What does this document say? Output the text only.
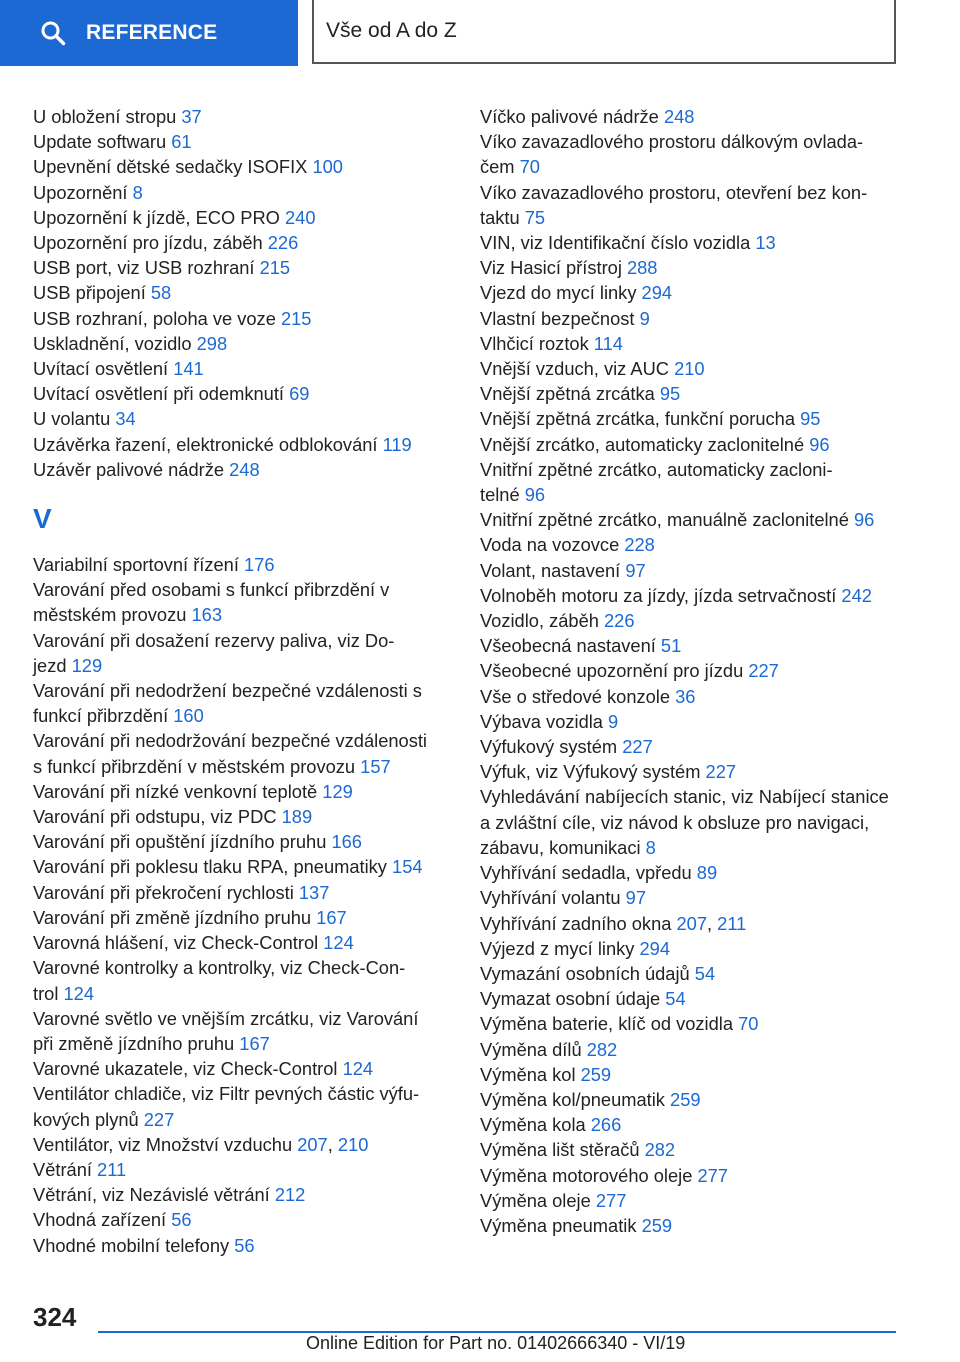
REFERENCE	Vše od A do Z
U obložení stropu 37
Update softwaru 61
Upevnění dětské sedačky ISOFIX 100
Upozornění 8
Upozornění k jízdě, ECO PRO 240
Upozornění pro jízdu, záběh 226
USB port, viz USB rozhraní 215
USB připojení 58
USB rozhraní, poloha ve voze 215
Uskladnění, vozidlo 298
Uvítací osvětlení 141
Uvítací osvětlení při odemknutí 69
U volantu 34
Uzávěrka řazení, elektronické odblokování 119
Uzávěr palivové nádrže 248
V
Variabilní sportovní řízení 176
Varování před osobami s funkcí přibrzdění v
městském provozu 163
Varování při dosažení rezervy paliva, viz Do-
jezd 129
Varování při nedodržení bezpečné vzdálenosti s
funkcí přibrzdění 160
Varování při nedodržování bezpečné vzdálenosti
s funkcí přibrzdění v městském provozu 157
Varování při nízké venkovní teplotě 129
Varování při odstupu, viz PDC 189
Varování při opuštění jízdního pruhu 166
Varování při poklesu tlaku RPA, pneumatiky 154
Varování při překročení rychlosti 137
Varování při změně jízdního pruhu 167
Varovná hlášení, viz Check-Control 124
Varovné kontrolky a kontrolky, viz Check-Con-
trol 124
Varovné světlo ve vnějším zrcátku, viz Varování
při změně jízdního pruhu 167
Varovné ukazatele, viz Check-Control 124
Ventilátor chladiče, viz Filtr pevných částic výfu-
kových plynů 227
Ventilátor, viz Množství vzduchu 207, 210
Větrání 211
Větrání, viz Nezávislé větrání 212
Vhodná zařízení 56
Vhodné mobilní telefony 56
Víčko palivové nádrže 248
Víko zavazadlového prostoru dálkovým ovlada-
čem 70
Víko zavazadlového prostoru, otevření bez kon-
taktu 75
VIN, viz Identifikační číslo vozidla 13
Viz Hasicí přístroj 288
Vjezd do mycí linky 294
Vlastní bezpečnost 9
Vlhčicí roztok 114
Vnější vzduch, viz AUC 210
Vnější zpětná zrcátka 95
Vnější zpětná zrcátka, funkční porucha 95
Vnější zrcátko, automaticky zaclonitelné 96
Vnitřní zpětné zrcátko, automaticky zacloni-
telné 96
Vnitřní zpětné zrcátko, manuálně zaclonitelné 96
Voda na vozovce 228
Volant, nastavení 97
Volnoběh motoru za jízdy, jízda setrvačností 242
Vozidlo, záběh 226
Všeobecná nastavení 51
Všeobecné upozornění pro jízdu 227
Vše o středové konzole 36
Výbava vozidla 9
Výfukový systém 227
Výfuk, viz Výfukový systém 227
Vyhledávání nabíjecích stanic, viz Nabíjecí stanice
a zvláštní cíle, viz návod k obsluze pro navigaci,
zábavu, komunikaci 8
Vyhřívání sedadla, vpředu 89
Vyhřívání volantu 97
Vyhřívání zadního okna 207, 211
Výjezd z mycí linky 294
Vymazání osobních údajů 54
Vymazat osobní údaje 54
Výměna baterie, klíč od vozidla 70
Výměna dílů 282
Výměna kol 259
Výměna kol/pneumatik 259
Výměna kola 266
Výměna lišt stěračů 282
Výměna motorového oleje 277
Výměna oleje 277
Výměna pneumatik 259
324
Online Edition for Part no. 01402666340 - VI/19
